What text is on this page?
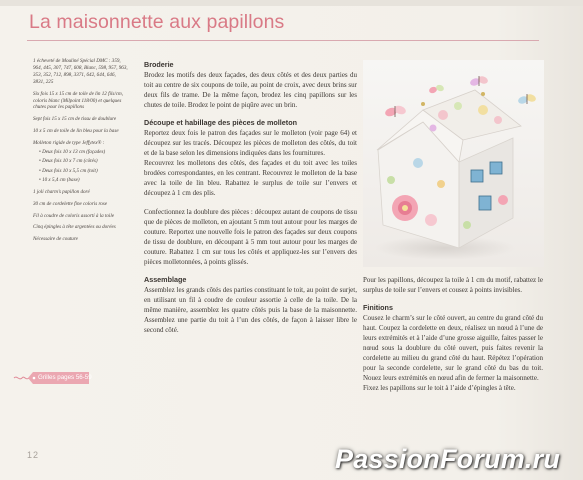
La maisonnette aux papillons
1 écheveté de Mouliné Spécial DMC : 359, 964, 445, 307, 747, 608, Blanc, 598, 957, 963, 353, 352, 712, 898, 3371, 642, 644, 646, 3831, 225
Six fois 15 x 15 cm de toile de lin 12 fils/cm, coloris blanc (Milpoint 118/00) et quelques chutes pour les papillons
Sept fois 15 x 15 cm de tissu de doublure
10 x 5 cm de toile de lin bleu pour la base
Molleton rigide de type Jeffytex® :
• Deux fois 10 x 13 cm (façades)
• Deux fois 10 x 7 cm (côtés)
• Deux fois 10 x 5,5 cm (toit)
• 10 x 5,4 cm (base)
1 joli charm’s papillon doré
30 cm de cordelette fine coloris rose
Fil à coudre de coloris assorti à la toile
Cinq épingles à tête argentées ou dorées
Nécessaire de couture
Broderie

Brodez les motifs des deux façades, des deux côtés et des deux parties du toit au centre de six coupons de toile, au point de croix, avec deux brins sur deux fils de trame. De la même façon, brodez les cinq papillons sur les chutes de toile. Brodez le point de piqûre avec un brin.

Découpe et habillage des pièces de molleton

Reportez deux fois le patron des façades sur le molleton (voir page 64) et découpez sur les tracés. Découpez les pièces de molleton des côtés, du toit et de la base selon les dimensions indiquées dans les fournitures.

Recouvrez les molletons des côtés, des façades et du toit avec les toiles brodées correspondantes, en les centrant. Recouvrez le molleton de la base avec la toile de lin bleu. Rabattez le surplus de toile sur l’envers et découpez à 1 cm des plis.

Confectionnez la doublure des pièces : découpez autant de coupons de tissu que de pièces de molleton, en ajoutant 5 mm tout autour pour les marges de couture. Reportez une nouvelle fois le patron des façades sur deux coupons de tissu de doublure, en découpant à 5 mm tout autour pour les marges de couture. Rabattez 1 cm sur tous les côtés et appliquez-les sur l’envers des pièces molletonnées, à points glissés.

Assemblage

Assemblez les grands côtés des parties constituant le toit, au point de surjet, en utilisant un fil à coudre de couleur assortie à celle de la toile. De la même manière, assemblez les quatre côtés puis la base de la maisonnette. Assemblez une partie du toit à l’un des côtés, de façon à laisser libre le second côté.

Pour les papillons, découpez la toile à 1 cm du motif, rabattez le surplus de toile sur l’envers et cousez à points invisibles.

Finitions

Cousez le charm’s sur le côté ouvert, au centre du grand côté du haut. Coupez la cordelette en deux, réalisez un nœud à l’une de leurs extrémités et à l’aide d’une grosse aiguille, faites passer le nœud sous la doublure du côté ouvert, puis faites revenir la cordelette au milieu du grand côté du haut. Répétez l’opération pour la seconde cordelette, sur le grand côté du bas du toit. Nouez leurs extrémités en nœud afin de fermer la maisonnette.

Fixez les papillons sur le toit à l’aide d’épingles à tête.

Grilles pages 56-59
12	PassionForum.ru
